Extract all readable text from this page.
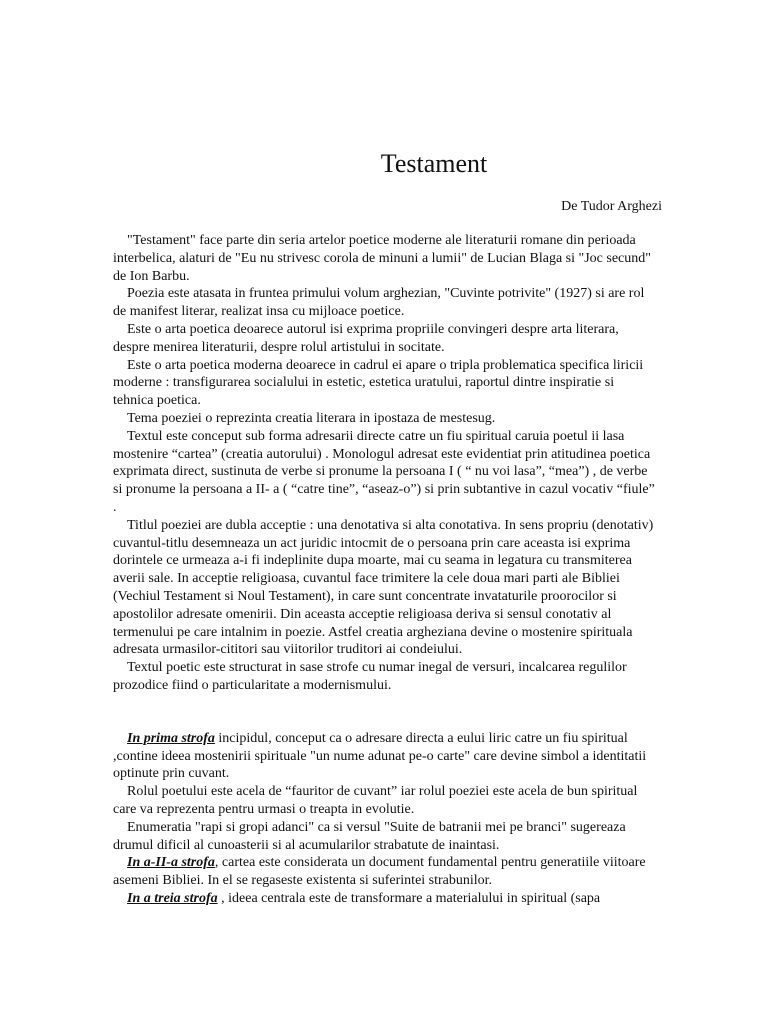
Testament
De Tudor Arghezi

"Testament" face parte din seria artelor poetice moderne ale literaturii romane din perioada interbelica, alaturi de "Eu nu strivesc corola de minuni a lumii" de Lucian Blaga si "Joc secund" de Ion Barbu.

Poezia este atasata in fruntea primului volum arghezian, "Cuvinte potrivite" (1927) si are rol de manifest literar, realizat insa cu mijloace poetice.

Este o arta poetica deoarece autorul isi exprima propriile convingeri despre arta literara, despre menirea literaturii, despre rolul artistului in socitate.

Este o arta poetica moderna deoarece in cadrul ei apare o tripla problematica specifica liricii moderne : transfigurarea socialului in estetic, estetica uratului, raportul dintre inspiratie si tehnica poetica.

Tema poeziei o reprezinta creatia literara in ipostaza de mestesug.

Textul este conceput sub forma adresarii directe catre un fiu spiritual caruia poetul ii lasa mostenire “cartea” (creatia autorului) . Monologul adresat este evidentiat prin atitudinea poetica exprimata direct, sustinuta de verbe si pronume la persoana I ( “ nu voi lasa”, “mea”) , de verbe si pronume la persoana a II- a ( “catre tine”, “aseaz-o”) si prin subtantive in cazul vocativ “fiule” .

Titlul poeziei are dubla acceptie : una denotativa si alta conotativa. In sens propriu (denotativ) cuvantul-titlu desemneaza un act juridic intocmit de o persoana prin care aceasta isi exprima dorintele ce urmeaza a-i fi indeplinite dupa moarte, mai cu seama in legatura cu transmiterea averii sale. In acceptie religioasa, cuvantul face trimitere la cele doua mari parti ale Bibliei (Vechiul Testament si Noul Testament), in care sunt concentrate invataturile proorocilor si apostolilor adresate omenirii. Din aceasta acceptie religioasa deriva si sensul conotativ al termenului pe care intalnim in poezie. Astfel creatia argheziana devine o mostenire spirituala adresata urmasilor-cititori sau viitorilor truditori ai condeiului.

Textul poetic este structurat in sase strofe cu numar inegal de versuri, incalcarea regulilor prozodice fiind o particularitate a modernismului.

In prima strofa incipidul, conceput ca o adresare directa a eului liric catre un fiu spiritual ,contine ideea mostenirii spirituale "un nume adunat pe-o carte" care devine simbol a identitatii optinute prin cuvant.

Rolul poetului este acela de “fauritor de cuvant” iar rolul poeziei este acela de bun spiritual care va reprezenta pentru urmasi o treapta in evolutie.

Enumeratia "rapi si gropi adanci" ca si versul "Suite de batranii mei pe branci" sugereaza drumul dificil al cunoasterii si al acumularilor strabatute de inaintasi.

In a-II-a strofa, cartea este considerata un document fundamental pentru generatiile viitoare asemeni Bibliei. In el se regaseste existenta si suferintei strabunilor.

In a treia strofa , ideea centrala este de transformare a materialului in spiritual (sapa
